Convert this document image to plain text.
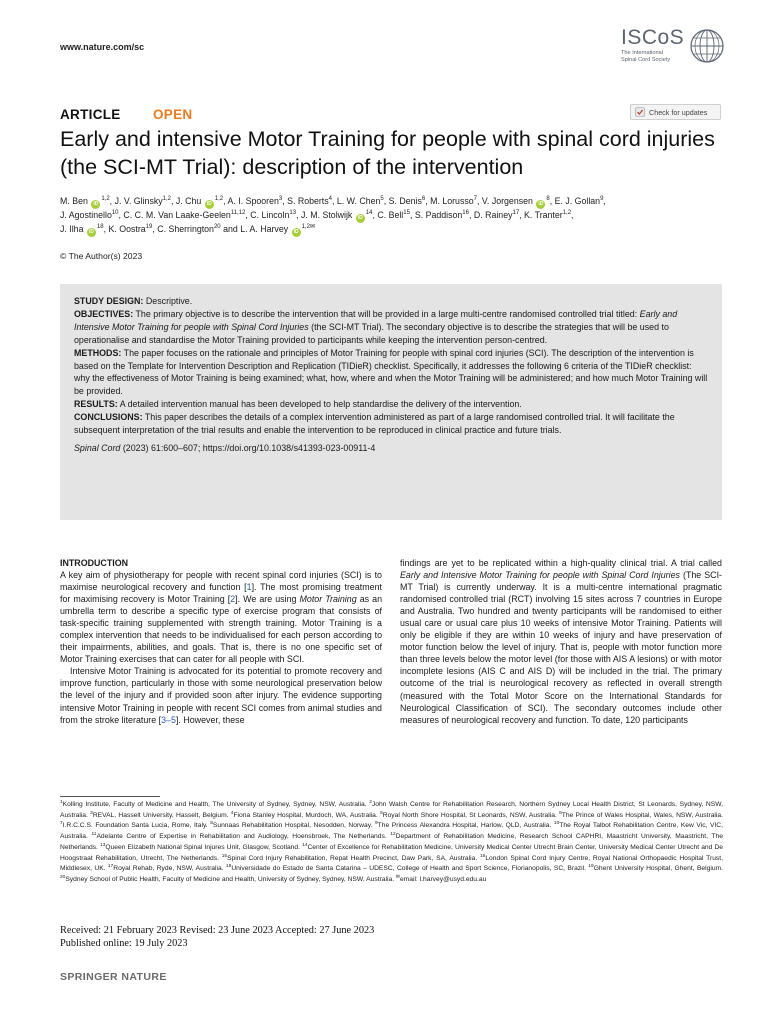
www.nature.com/sc	ISCoS
The International
Spinal Cord Society
ARTICLE OPEN	Check for updates
Early and intensive Motor Training for people with spinal cord injuries (the SCI-MT Trial): description of the intervention
M. Ben iD$^{1,2}$, J. V. Glinsky$^{1,2}$, J. Chu iD$^{1,2}$, A. I. Spooren$^3$, S. Roberts$^4$, L. W. Chen$^5$, S. Denis$^6$, M. Lorusso$^7$, V. Jorgensen $iD^8$, E. J. Gollan$^9$,
J. Agostinello$^{10}$, C. C. M. Van Laake-Geelen$^{11,12}$, C. Lincoln$^{13}$, J. M. Stolwijk $iD^{14}$, C. Bell$^{15}$, S. Paddison$^{16}$, D. Rainey$^{17}$, K. Tranter$^{1,2}$,
J. Ilha $iD^{18}$, K. Oostra$^{19}$, C. Sherrington$^{20}$ and L. A. Harvey $iD^{1,2✉}$
© The Author(s) 2023

STUDY DESIGN: Descriptive.

OBJECTIVES: The primary objective is to describe the intervention that will be provided in a large multi-centre randomised controlled trial titled: Early and Intensive Motor Training for people with Spinal Cord Injuries (the SCI-MT Trial). The secondary objective is to describe the strategies that will be used to operationalise and standardise the Motor Training provided to participants while keeping the intervention person-centred.

METHODS: The paper focuses on the rationale and principles of Motor Training for people with spinal cord injuries (SCI). The description of the intervention is based on the Template for Intervention Description and Replication (TIDieR) checklist. Specifically, it addresses the following 6 criteria of the TIDieR checklist: why the effectiveness of Motor Training is being examined; what, how, where and when the Motor Training will be administered; and how much Motor Training will be provided.

RESULTS: A detailed intervention manual has been developed to help standardise the delivery of the intervention.

CONCLUSIONS: This paper describes the details of a complex intervention administered as part of a large randomised controlled trial. It will facilitate the subsequent interpretation of the trial results and enable the intervention to be reproduced in clinical practice and future trials.

Spinal Cord (2023) 61:600–607; https://doi.org/10.1038/s41393-023-00911-4

INTRODUCTION

A key aim of physiotherapy for people with recent spinal cord injuries (SCI) is to maximise neurological recovery and function [1]. The most promising treatment for maximising recovery is Motor Training [2]. We are using Motor Training as an umbrella term to describe a specific type of exercise program that consists of task-specific training supplemented with strength training. Motor Training is a complex intervention that needs to be individualised for each person according to their impairments, abilities, and goals. That is, there is no one specific set of Motor Training exercises that can cater for all people with SCI.

Intensive Motor Training is advocated for its potential to promote recovery and improve function, particularly in those with some neurological preservation below the level of the injury and if provided soon after injury. The evidence supporting intensive Motor Training in people with recent SCI comes from animal studies and from the stroke literature [3–5]. However, these

findings are yet to be replicated within a high-quality clinical trial. A trial called Early and Intensive Motor Training for people with Spinal Cord Injuries (The SCI-MT Trial) is currently underway. It is a multi-centre international pragmatic randomised controlled trial (RCT) involving 15 sites across 7 countries in Europe and Australia. Two hundred and twenty participants will be randomised to either usual care or usual care plus 10 weeks of intensive Motor Training. Patients will only be eligible if they are within 10 weeks of injury and have preservation of motor function below the level of injury. That is, people with motor function more than three levels below the motor level (for those with AIS A lesions) or with motor incomplete lesions (AIS C and AIS D) will be included in the trial. The primary outcome of the trial is neurological recovery as reflected in overall strength (measured with the Total Motor Score on the International Standards for Neurological Classification of SCI). The secondary outcomes include other measures of neurological recovery and function. To date, 120 participants

$^1$Kolling Institute, Faculty of Medicine and Health, The University of Sydney, Sydney, NSW, Australia. $^2$John Walsh Centre for Rehabilitation Research, Northern Sydney Local Health District, St Leonards, Sydney, NSW, Australia. $^3$REVAL, Hasselt University, Hasselt, Belgium. $^4$Fiona Stanley Hospital, Murdoch, WA, Australia. $^5$Royal North Shore Hospital, St Leonards, NSW, Australia. $^6$The Prince of Wales Hospital, Wales, NSW, Australia. $^7$I.R.C.C.S. Foundation Santa Lucia, Rome, Italy. $^8$Sunnaas Rehabilitation Hospital, Nesodden, Norway. $^9$The Princess Alexandra Hospital, Harlow, QLD, Australia. $^{10}$The Royal Talbot Rehabilitation Centre, Kew Vic, VIC, Australia. $^{11}$Adelante Centre of Expertise in Rehabilitation and Audiology, Hoensbroek, The Netherlands. $^{12}$Department of Rehabilitation Medicine, Research School CAPHRI, Maastricht University, Maastricht, The Netherlands. $^{13}$Queen Elizabeth National Spinal Injures Unit, Glasgow, Scotland. $^{14}$Center of Excellence for Rehabilitation Medicine, University Medical Center Utrecht Brain Center, University Medical Center Utrecht and De Hoogstraat Rehabilitation, Utrecht, The Netherlands. $^{15}$Spinal Cord Injury Rehabilitation, Repat Health Precinct, Daw Park, SA, Australia. $^{16}$London Spinal Cord Injury Centre, Royal National Orthopaedic Hospital Trust, Middlesex, UK. $^{17}$Royal Rehab, Ryde, NSW, Australia. $^{18}$Universidade do Estado de Santa Catarina – UDESC, College of Health and Sport Science, Florianopolis, SC, Brazil. $^{19}$Ghent University Hospital, Ghent, Belgium. $^{20}$Sydney School of Public Health, Faculty of Medicine and Health, University of Sydney, Sydney, NSW, Australia. ✉email: l.harvey@usyd.edu.au
Received: 21 February 2023 Revised: 23 June 2023 Accepted: 27 June 2023
Published online: 19 July 2023
SPRINGER NATURE
